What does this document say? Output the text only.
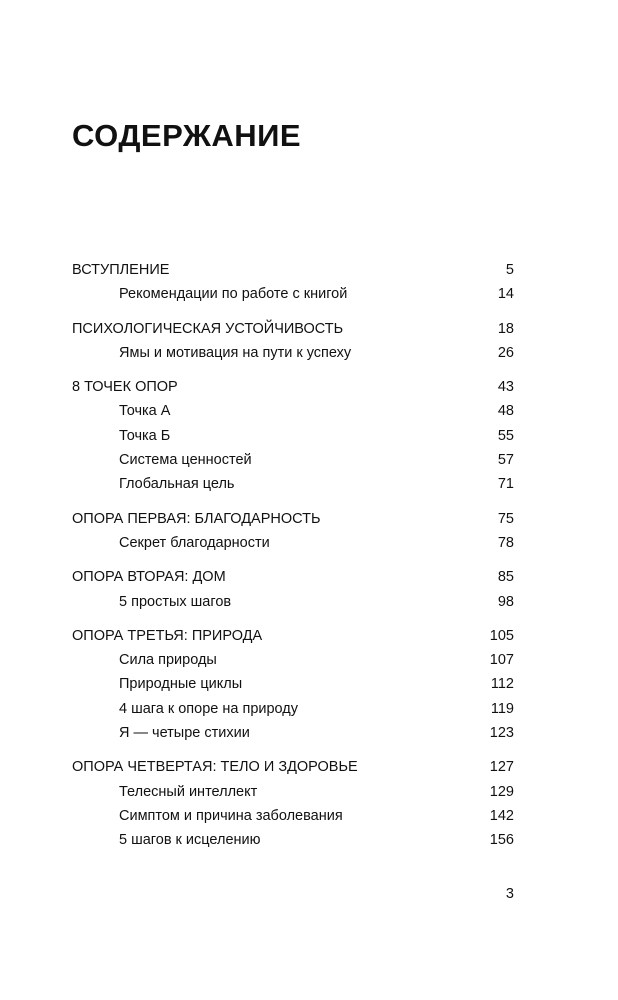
СОДЕРЖАНИЕ
ВСТУПЛЕНИЕ	5
Рекомендации по работе с книгой	14
ПСИХОЛОГИЧЕСКАЯ УСТОЙЧИВОСТЬ	18
Ямы и мотивация на пути к успеху	26
8 ТОЧЕК ОПОР	43
Точка А	48
Точка Б	55
Система ценностей	57
Глобальная цель	71
ОПОРА ПЕРВАЯ: БЛАГОДАРНОСТЬ	75
Секрет благодарности	78
ОПОРА ВТОРАЯ: ДОМ	85
5 простых шагов	98
ОПОРА ТРЕТЬЯ: ПРИРОДА	105
Сила природы	107
Природные циклы	112
4 шага к опоре на природу	119
Я — четыре стихии	123
ОПОРА ЧЕТВЕРТАЯ: ТЕЛО И ЗДОРОВЬЕ	127
Телесный интеллект	129
Симптом и причина заболевания	142
5 шагов к исцелению	156
3
